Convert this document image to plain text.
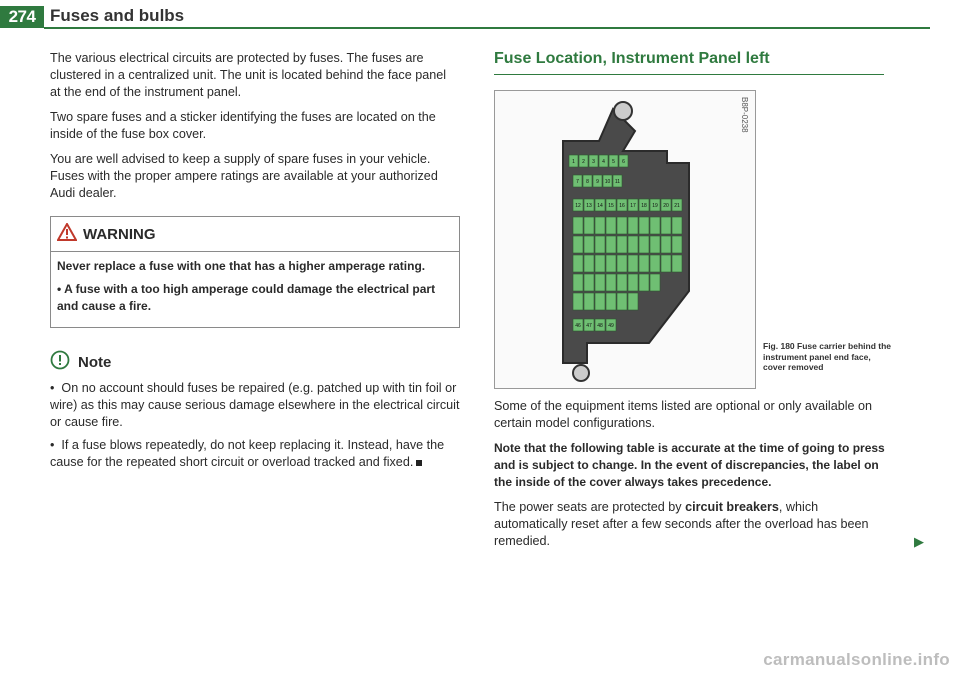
274 Fuses and bulbs

The various electrical circuits are protected by fuses. The fuses are clustered in a centralized unit. The unit is located behind the face panel at the end of the instrument panel.

Two spare fuses and a sticker identifying the fuses are located on the inside of the fuse box cover.

You are well advised to keep a supply of spare fuses in your vehicle. Fuses with the proper ampere ratings are available at your authorized Audi dealer.

WARNING

Never replace a fuse with one that has a higher amperage rating.

• A fuse with a too high amperage could damage the electrical part and cause a fire.

Note

•  On no account should fuses be repaired (e.g. patched up with tin foil or wire) as this may cause serious damage elsewhere in the electrical circuit or cause fire.

•  If a fuse blows repeatedly, do not keep replacing it. Instead, have the cause for the repeated short circuit or overload tracked and fixed.

Fuse Location, Instrument Panel left
B8P-0238
1 2 3 4 5 6
7 8 9 10 11
12 13 14 15 16 17 18 19 20 21
46 47 48 49
Fig. 180 Fuse carrier behind the instrument panel end face, cover removed

Some of the equipment items listed are optional or only available on certain model configurations.

Note that the following table is accurate at the time of going to press and is subject to change. In the event of discrepancies, the label on the inside of the cover always takes precedence.

The power seats are protected by circuit breakers, which automatically reset after a few seconds after the overload has been remedied.	▶
carmanualsonline.info
